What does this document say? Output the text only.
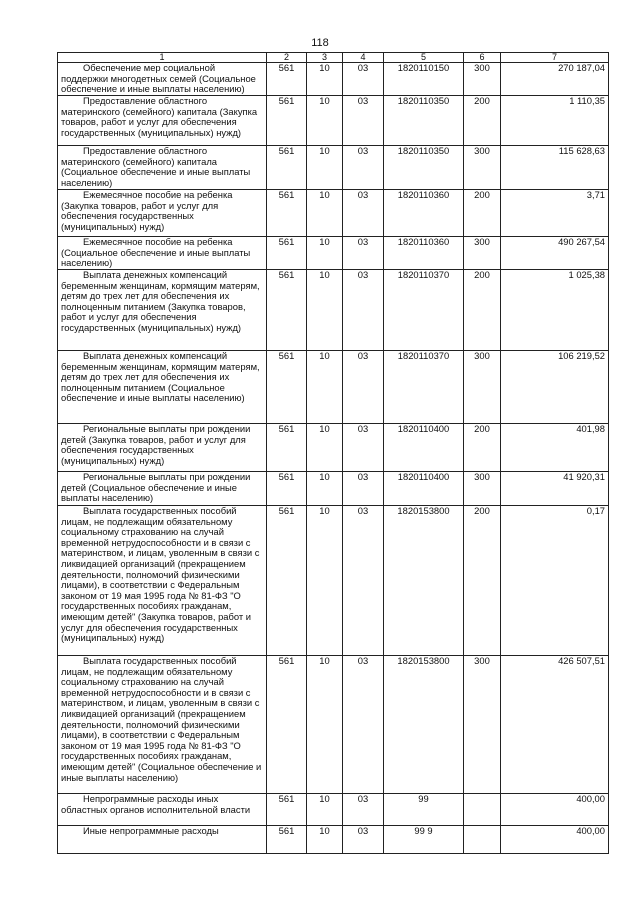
118
1	2	3	4	5	6	7
Обеспечение мер социальной поддержки многодетных семей (Социальное обеспечение и иные выплаты населению)	561	10	03	1820110150	300	270 187,04
Предоставление областного материнского (семейного) капитала (Закупка товаров, работ и услуг для обеспечения государственных (муниципальных) нужд)	561	10	03	1820110350	200	1 110,35
Предоставление областного материнского (семейного) капитала (Социальное обеспечение и иные выплаты населению)	561	10	03	1820110350	300	115 628,63
Ежемесячное пособие на ребенка (Закупка товаров, работ и услуг для обеспечения государственных (муниципальных) нужд)	561	10	03	1820110360	200	3,71
Ежемесячное пособие на ребенка (Социальное обеспечение и иные выплаты населению)	561	10	03	1820110360	300	490 267,54
Выплата денежных компенсаций беременным женщинам, кормящим матерям, детям до трех лет для обеспечения их полноценным питанием (Закупка товаров, работ и услуг для обеспечения государственных (муниципальных) нужд)	561	10	03	1820110370	200	1 025,38
Выплата денежных компенсаций беременным женщинам, кормящим матерям, детям до трех лет для обеспечения их полноценным питанием (Социальное обеспечение и иные выплаты населению)	561	10	03	1820110370	300	106 219,52
Региональные выплаты при рождении детей (Закупка товаров, работ и услуг для обеспечения государственных (муниципальных) нужд)	561	10	03	1820110400	200	401,98
Региональные выплаты при рождении детей (Социальное обеспечение и иные выплаты населению)	561	10	03	1820110400	300	41 920,31
Выплата государственных пособий лицам, не подлежащим обязательному социальному страхованию на случай временной нетрудоспособности и в связи с материнством, и лицам, уволенным в связи с ликвидацией организаций (прекращением деятельности, полномочий физическими лицами), в соответствии с Федеральным законом от 19 мая 1995 года № 81-ФЗ "О государственных пособиях гражданам, имеющим детей" (Закупка товаров, работ и услуг для обеспечения государственных (муниципальных) нужд)	561	10	03	1820153800	200	0,17
Выплата государственных пособий лицам, не подлежащим обязательному социальному страхованию на случай временной нетрудоспособности и в связи с материнством, и лицам, уволенным в связи с ликвидацией организаций (прекращением деятельности, полномочий физическими лицами), в соответствии с Федеральным законом от 19 мая 1995 года № 81-ФЗ "О государственных пособиях гражданам, имеющим детей" (Социальное обеспечение и иные выплаты населению)	561	10	03	1820153800	300	426 507,51
Непрограммные расходы иных областных органов исполнительной власти	561	10	03	99		400,00
Иные непрограммные расходы	561	10	03	99 9		400,00
